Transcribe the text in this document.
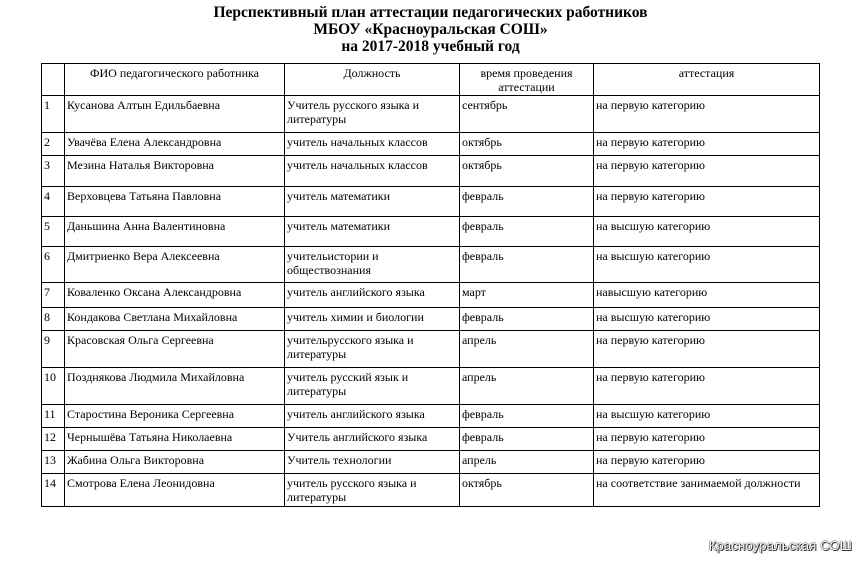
Перспективный план аттестации педагогических работников
МБОУ «Красноуральская СОШ»
на 2017-2018 учебный год
	ФИО педагогического работника	Должность	время проведения аттестации	аттестация
1	Кусанова Алтын Едильбаевна	Учитель русского языка и литературы	сентябрь	на первую категорию
2	Увачёва Елена Александровна	учитель начальных классов	октябрь	на первую категорию
3	Мезина Наталья Викторовна	учитель начальных классов	октябрь	на первую категорию
4	Верховцева Татьяна Павловна	учитель математики	февраль	на первую категорию
5	Даньшина Анна Валентиновна	учитель математики	февраль	на высшую категорию
6	Дмитриенко Вера Алексеевна	учительистории и обществознания	февраль	на высшую категорию
7	Коваленко Оксана Александровна	учитель английского языка	март	навысшую категорию
8	Кондакова Светлана Михайловна	учитель химии и биологии	февраль	на высшую категорию
9	Красовская Ольга Сергеевна	учительрусского языка и литературы	апрель	на первую категорию
10	Позднякова Людмила Михайловна	учитель русский язык и литературы	апрель	на первую категорию
11	Старостина Вероника Сергеевна	учитель английского языка	февраль	на высшую категорию
12	Чернышёва Татьяна Николаевна	Учитель английского языка	февраль	на первую категорию
13	Жабина Ольга Викторовна	Учитель технологии	апрель	на первую категорию
14	Смотрова Елена Леонидовна	учитель русского языка и литературы	октябрь	на соответствие занимаемой должности
Красноуральская СОШ
